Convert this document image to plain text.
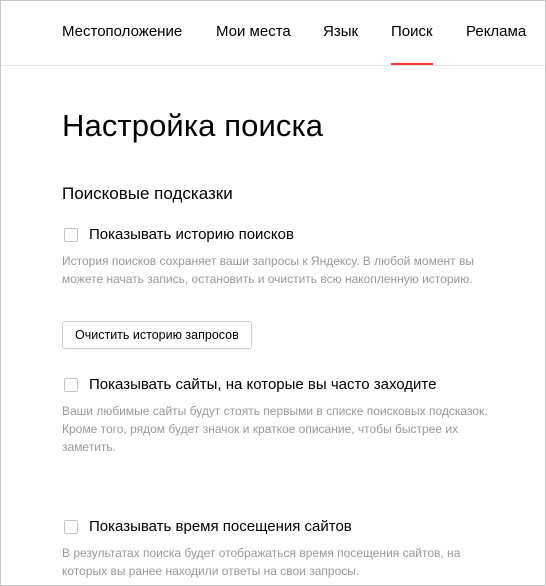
Местоположение Мои места Язык Поиск Реклама
Настройка поиска
Поисковые подсказки
Показывать историю поисков
История поисков сохраняет ваши запросы к Яндексу. В любой момент вы можете начать запись, остановить и очистить всю накопленную историю.
Очистить историю запросов
Показывать сайты, на которые вы часто заходите
Ваши любимые сайты будут стоять первыми в списке поисковых подсказок. Кроме того, рядом будет значок и краткое описание, чтобы быстрее их заметить.
Показывать время посещения сайтов
В результатах поиска будет отображаться время посещения сайтов, на которых вы ранее находили ответы на свои запросы.
